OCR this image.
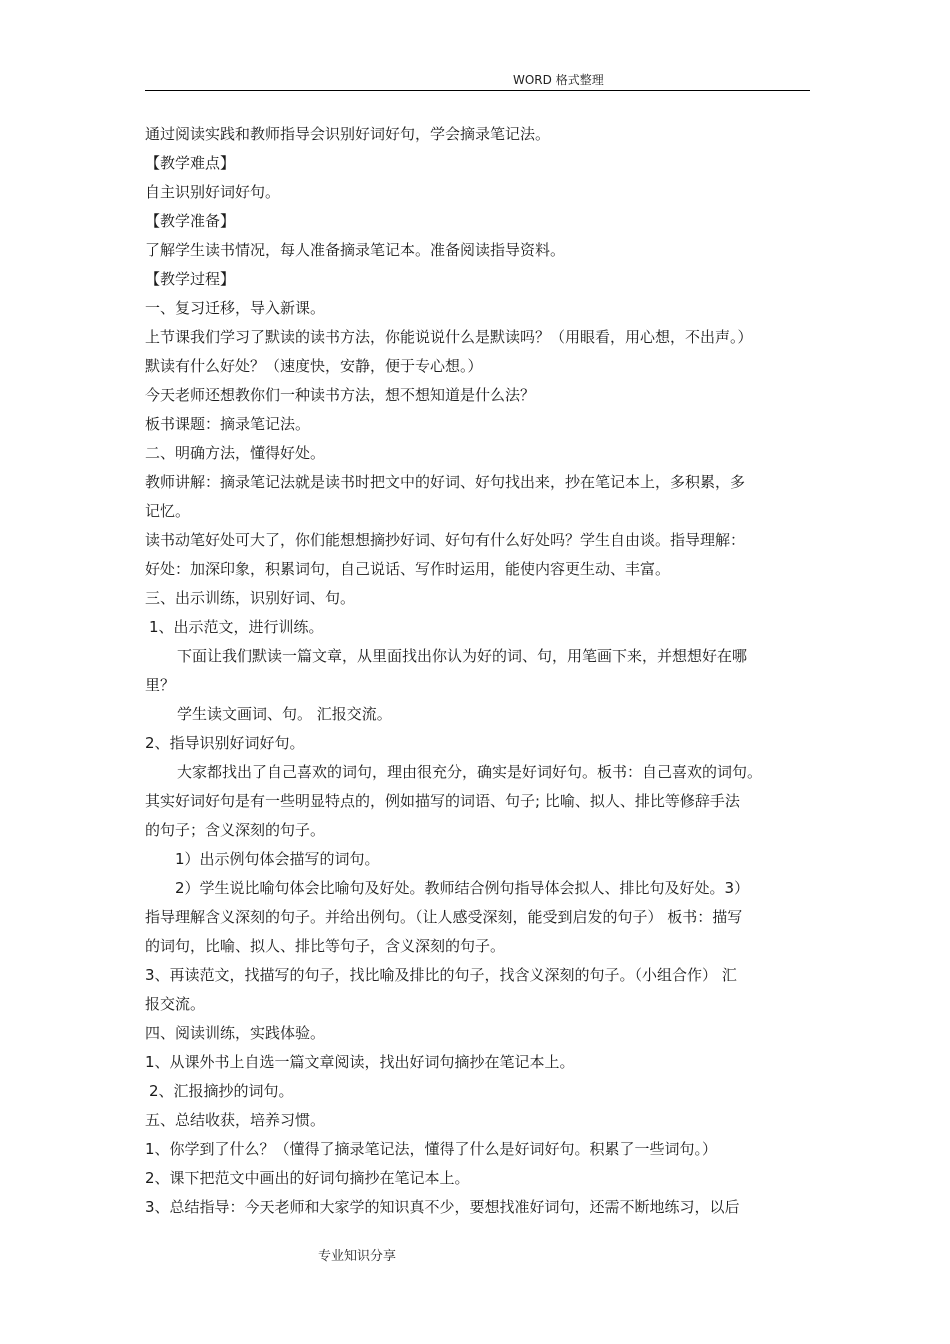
WORD 格式整理
通过阅读实践和教师指导会识别好词好句，学会摘录笔记法。
【教学难点】
自主识别好词好句。
【教学准备】
了解学生读书情况，每人准备摘录笔记本。准备阅读指导资料。
【教学过程】
一、复习迁移，导入新课。
上节课我们学习了默读的读书方法，你能说说什么是默读吗？（用眼看，用心想，不出声。）
默读有什么好处？（速度快，安静，便于专心想。）
今天老师还想教你们一种读书方法，想不想知道是什么法？
板书课题：摘录笔记法。
二、明确方法，懂得好处。
教师讲解：摘录笔记法就是读书时把文中的好词、好句找出来，抄在笔记本上，多积累，多
记忆。
读书动笔好处可大了，你们能想想摘抄好词、好句有什么好处吗？学生自由谈。指导理解：
好处：加深印象，积累词句，自己说话、写作时运用，能使内容更生动、丰富。
三、出示训练，识别好词、句。
1、出示范文，进行训练。
下面让我们默读一篇文章，从里面找出你认为好的词、句，用笔画下来，并想想好在哪
里？
学生读文画词、句。 汇报交流。
2、指导识别好词好句。
大家都找出了自己喜欢的词句，理由很充分，确实是好词好句。板书：自己喜欢的词句。
其实好词好句是有一些明显特点的，例如描写的词语、句子; 比喻、拟人、排比等修辞手法
的句子；含义深刻的句子。
1）出示例句体会描写的词句。
2）学生说比喻句体会比喻句及好处。教师结合例句指导体会拟人、排比句及好处。3）
指导理解含义深刻的句子。并给出例句。（让人感受深刻，能受到启发的句子） 板书：描写
的词句，比喻、拟人、排比等句子，含义深刻的句子。
3、再读范文，找描写的句子，找比喻及排比的句子，找含义深刻的句子。（小组合作） 汇
报交流。
四、阅读训练，实践体验。
1、从课外书上自选一篇文章阅读，找出好词句摘抄在笔记本上。
2、汇报摘抄的词句。
五、总结收获，培养习惯。
1、你学到了什么？（懂得了摘录笔记法，懂得了什么是好词好句。积累了一些词句。）
2、课下把范文中画出的好词句摘抄在笔记本上。
3、总结指导：今天老师和大家学的知识真不少，要想找准好词句，还需不断地练习，以后
专业知识分享
